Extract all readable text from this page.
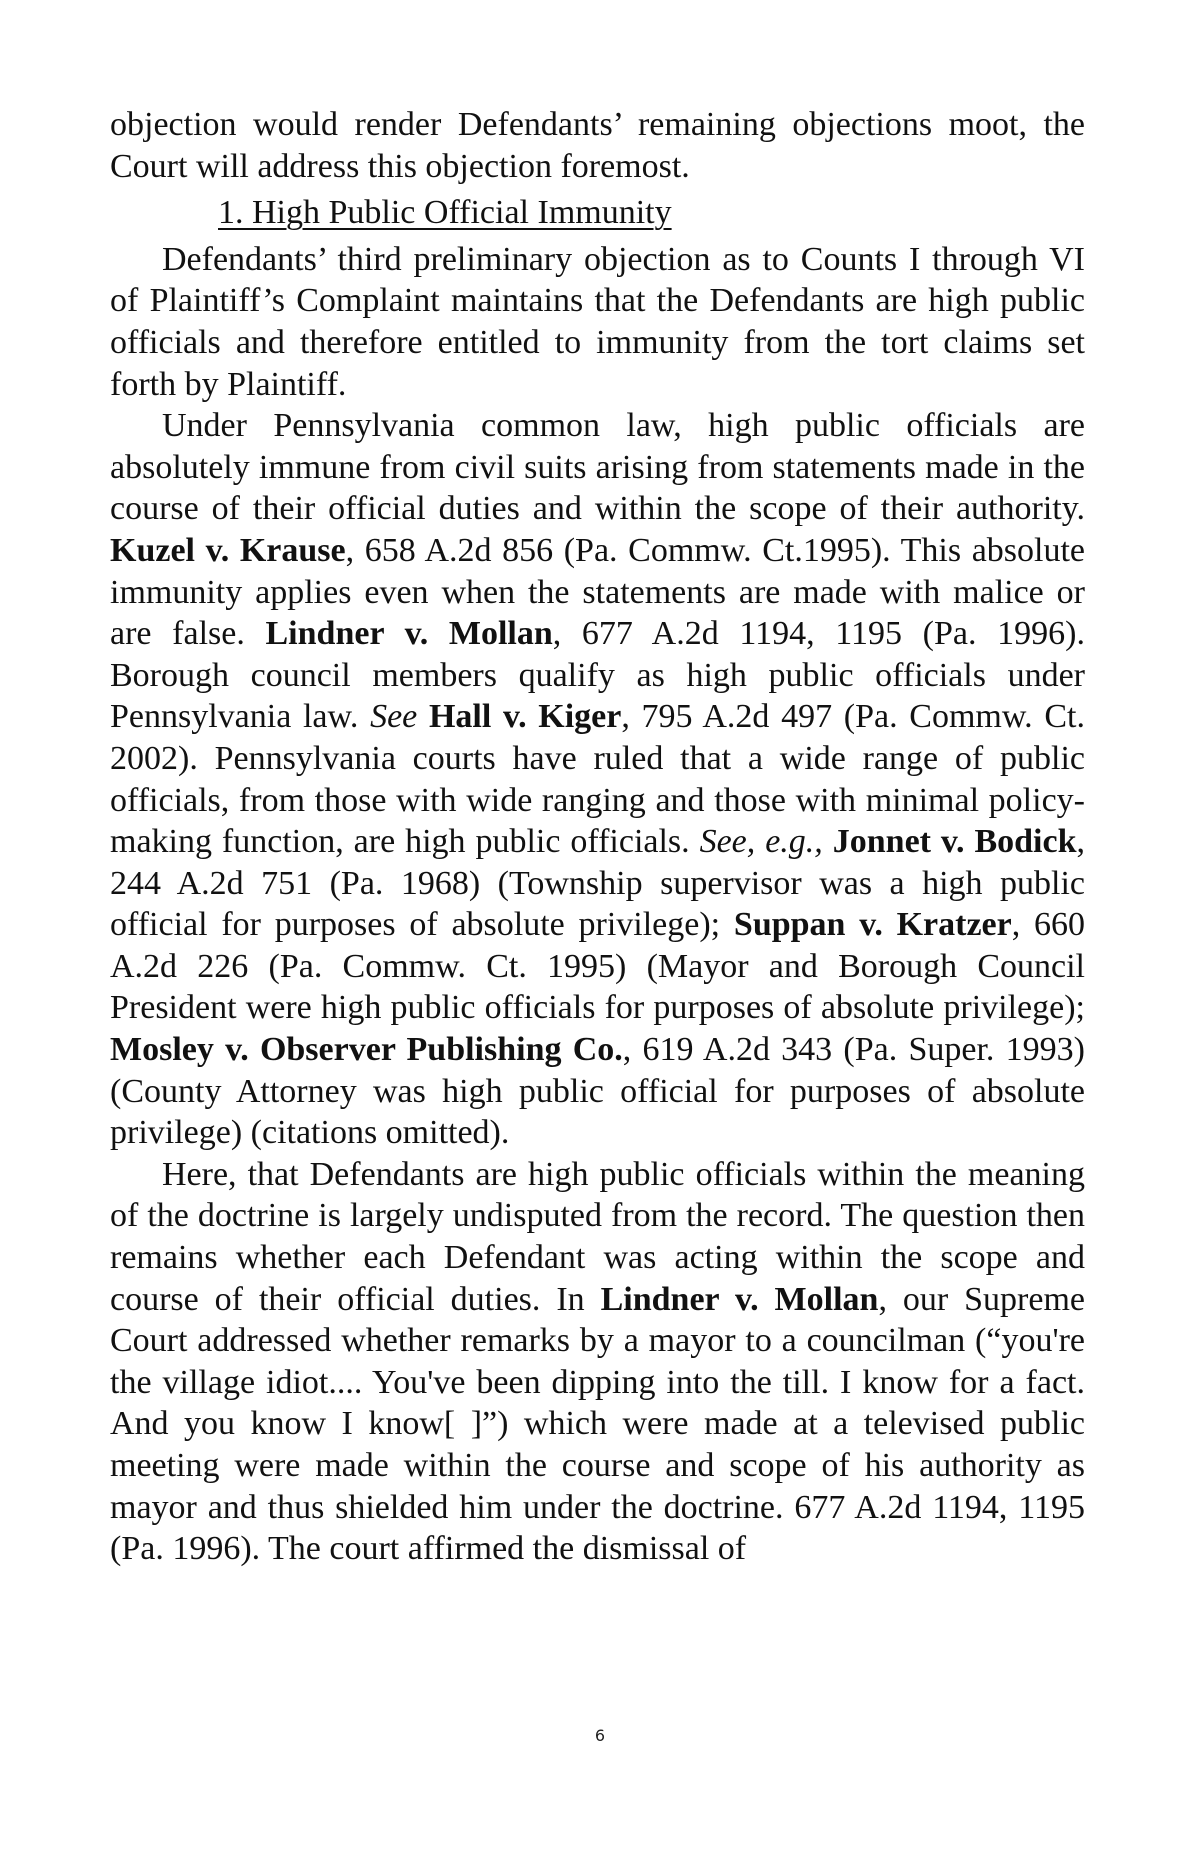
objection would render Defendants’ remaining objections moot, the Court will address this objection foremost.

1. High Public Official Immunity

Defendants’ third preliminary objection as to Counts I through VI of Plaintiff’s Complaint maintains that the Defendants are high public officials and therefore entitled to immunity from the tort claims set forth by Plaintiff.

Under Pennsylvania common law, high public officials are absolutely immune from civil suits arising from statements made in the course of their official duties and within the scope of their authority. Kuzel v. Krause, 658 A.2d 856 (Pa. Commw. Ct.1995). This absolute immunity applies even when the statements are made with malice or are false. Lindner v. Mollan, 677 A.2d 1194, 1195 (Pa. 1996). Borough council members qualify as high public officials under Pennsylvania law. See Hall v. Kiger, 795 A.2d 497 (Pa. Commw. Ct. 2002). Pennsylvania courts have ruled that a wide range of public officials, from those with wide ranging and those with minimal policy-making function, are high public officials. See, e.g., Jonnet v. Bodick, 244 A.2d 751 (Pa. 1968) (Township supervisor was a high public official for purposes of absolute privilege); Suppan v. Kratzer, 660 A.2d 226 (Pa. Commw. Ct. 1995) (Mayor and Borough Council President were high public officials for purposes of absolute privilege); Mosley v. Observer Publishing Co., 619 A.2d 343 (Pa. Super. 1993) (County Attorney was high public official for purposes of absolute privilege) (citations omitted).

Here, that Defendants are high public officials within the meaning of the doctrine is largely undisputed from the record. The question then remains whether each Defendant was acting within the scope and course of their official duties. In Lindner v. Mollan, our Supreme Court addressed whether remarks by a mayor to a councilman (“you're the village idiot.... You've been dipping into the till. I know for a fact. And you know I know[ ]”) which were made at a televised public meeting were made within the course and scope of his authority as mayor and thus shielded him under the doctrine. 677 A.2d 1194, 1195 (Pa. 1996). The court affirmed the dismissal of

6
